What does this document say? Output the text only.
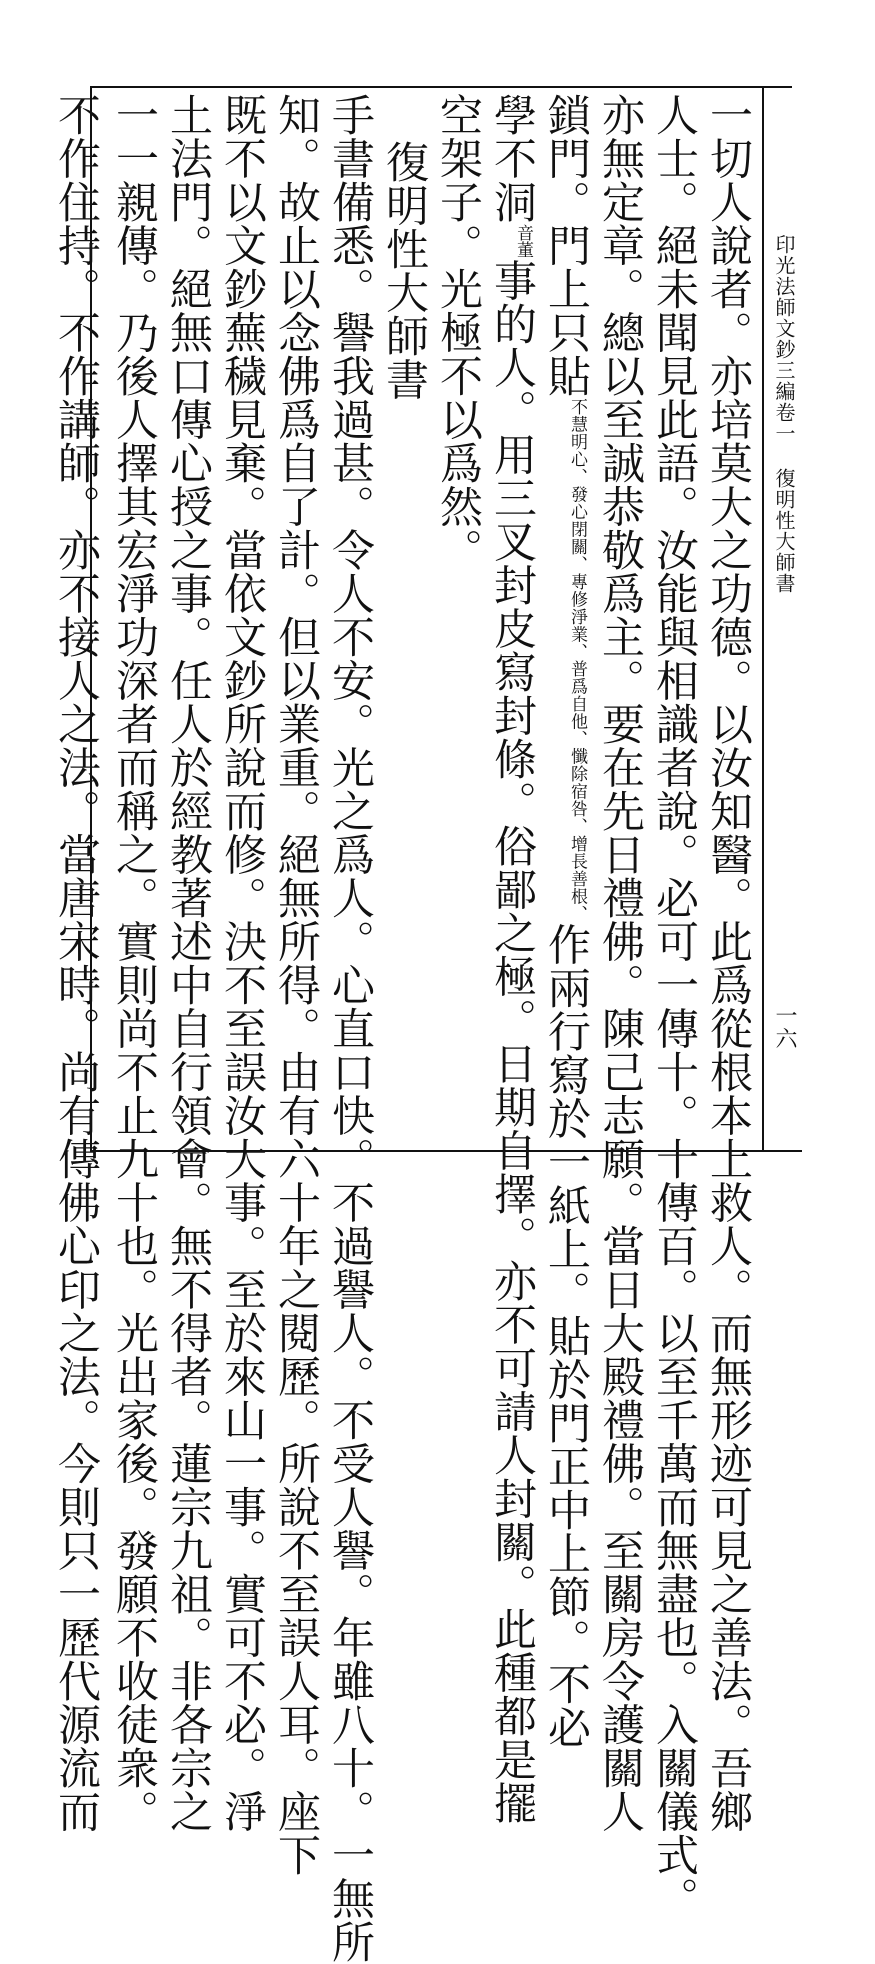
印光法師文鈔三編卷一
復明性大師書
一六
一切人說者。亦培莫大之功德。以汝知醫。此爲從根本上救人。而無形迹可見之善法。吾鄉
人士。絕未聞見此語。汝能與相識者說。必可一傳十。十傳百。以至千萬而無盡也。入關儀式。
亦無定章。總以至誠恭敬爲主。要在先日禮佛。陳己志願。當日大殿禮佛。至關房令護關人
鎖門。門上只貼不慧明心、發心閉關、專修淨業、普爲自他、懺除宿咎、增長善根、作兩行寫於一紙上。貼於門正中上節。不必
學不洞音董事的人。用三叉封皮寫封條。俗鄙之極。日期自擇。亦不可請人封關。此種都是擺
空架子。光極不以爲然。
復明性大師書
手書備悉。譽我過甚。令人不安。光之爲人。心直口快。不過譽人。不受人譽。年雖八十。一無所
知。故止以念佛爲自了計。但以業重。絕無所得。由有六十年之閱歷。所說不至誤人耳。座下
既不以文鈔蕪穢見棄。當依文鈔所說而修。決不至誤汝大事。至於來山一事。實可不必。淨
土法門。絕無口傳心授之事。任人於經教著述中自行領會。無不得者。蓮宗九祖。非各宗之
一一親傳。乃後人擇其宏淨功深者而稱之。實則尚不止九十也。光出家後。發願不收徒衆。
不作住持。不作講師。亦不接人之法。當唐宋時。尚有傳佛心印之法。今則只一歷代源流而
